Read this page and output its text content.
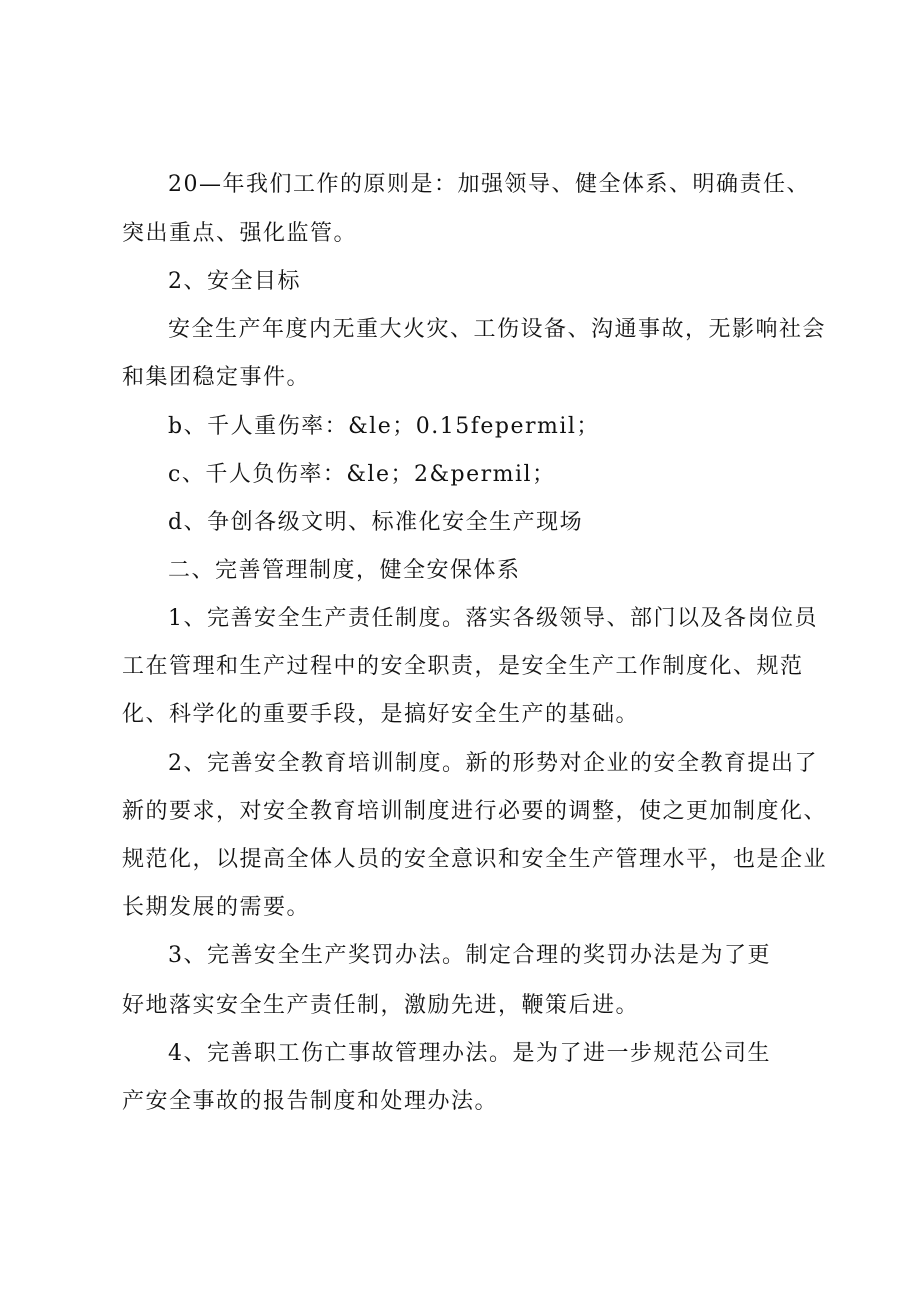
20—年我们工作的原则是：加强领导、健全体系、明确责任、
突出重点、强化监管。
2、安全目标
安全生产年度内无重大火灾、工伤设备、沟通事故，无影响社会
和集团稳定事件。
b、千人重伤率：&le；0.15fepermil；
c、千人负伤率：&le；2&permil；
d、争创各级文明、标准化安全生产现场
二、完善管理制度，健全安保体系
1、完善安全生产责任制度。落实各级领导、部门以及各岗位员
工在管理和生产过程中的安全职责，是安全生产工作制度化、规范
化、科学化的重要手段，是搞好安全生产的基础。
2、完善安全教育培训制度。新的形势对企业的安全教育提出了
新的要求，对安全教育培训制度进行必要的调整，使之更加制度化、
规范化，以提高全体人员的安全意识和安全生产管理水平，也是企业
长期发展的需要。
3、完善安全生产奖罚办法。制定合理的奖罚办法是为了更
好地落实安全生产责任制，激励先进，鞭策后进。
4、完善职工伤亡事故管理办法。是为了进一步规范公司生
产安全事故的报告制度和处理办法。
